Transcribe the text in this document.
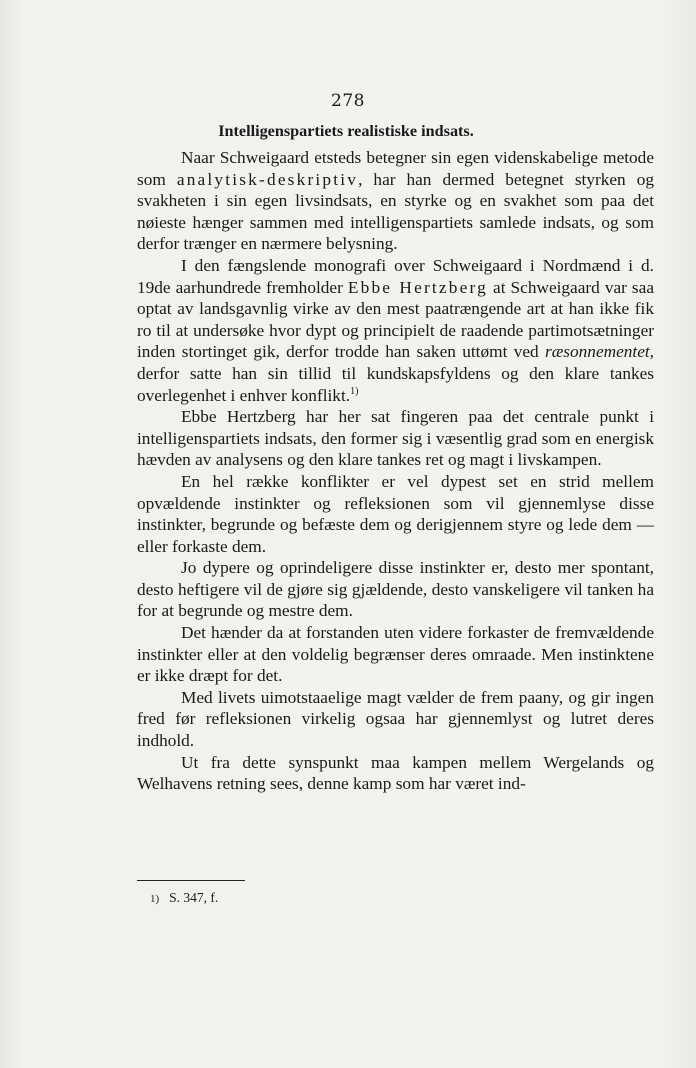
278
Intelligenspartiets realistiske indsats.

Naar Schweigaard etsteds betegner sin egen videnskabelige metode som analytisk-deskriptiv, har han dermed betegnet styrken og svakheten i sin egen livsindsats, en styrke og en svakhet som paa det nøieste hænger sammen med intelligenspartiets samlede indsats, og som derfor trænger en nærmere belysning.

I den fængslende monografi over Schweigaard i Nordmænd i d. 19de aarhundrede fremholder Ebbe Hertzberg at Schweigaard var saa optat av landsgavnlig virke av den mest paatrængende art at han ikke fik ro til at undersøke hvor dypt og principielt de raadende partimotsætninger inden stortinget gik, derfor trodde han saken uttømt ved ræsonnementet, derfor satte han sin tillid til kundskapsfyldens og den klare tankes overlegenhet i enhver konflikt.$^{1)}$

Ebbe Hertzberg har her sat fingeren paa det centrale punkt i intelligenspartiets indsats, den former sig i væsentlig grad som en energisk hævden av analysens og den klare tankes ret og magt i livskampen.

En hel række konflikter er vel dypest set en strid mellem opvældende instinkter og refleksionen som vil gjennemlyse disse instinkter, begrunde og befæste dem og derigjennem styre og lede dem — eller forkaste dem.

Jo dypere og oprindeligere disse instinkter er, desto mer spontant, desto heftigere vil de gjøre sig gjældende, desto vanskeligere vil tanken ha for at begrunde og mestre dem.

Det hænder da at forstanden uten videre forkaster de fremvældende instinkter eller at den voldelig begrænser deres omraade. Men instinktene er ikke dræpt for det.

Med livets uimotstaaelige magt vælder de frem paany, og gir ingen fred før refleksionen virkelig ogsaa har gjennemlyst og lutret deres indhold.

Ut fra dette synspunkt maa kampen mellem Wergelands og Welhavens retning sees, denne kamp som har været ind-

1) S. 347, f.
